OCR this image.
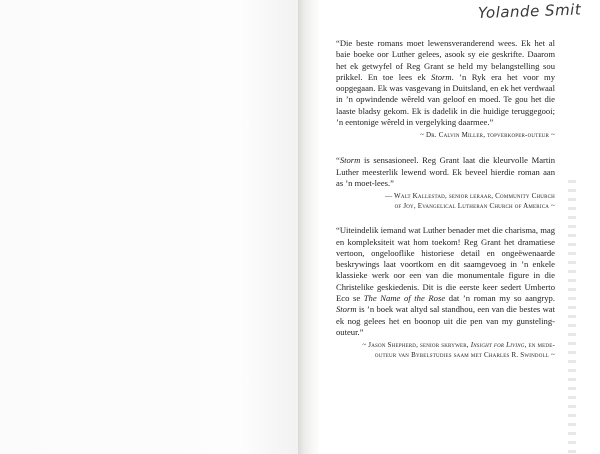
Yolande Smit

“Die beste romans moet lewensveranderend wees. Ek het al baie boeke oor Luther gelees, asook sy eie geskrifte. Daarom het ek getwyfel of Reg Grant se held my belangstelling sou prikkel. En toe lees ek Storm. ’n Ryk era het voor my oopgegaan. Ek was vasgevang in Duitsland, en ek het verdwaal in ’n opwindende wêreld van geloof en moed. Te gou het die laaste bladsy gekom. Ek is dadelik in die huidige teruggegooi; ’n eentonige wêreld in vergelyking daarmee.”

~ Dr. Calvin Miller, topverkoper-outeur ~

“Storm is sensasioneel. Reg Grant laat die kleurvolle Martin Luther meesterlik lewend word. Ek beveel hierdie roman aan as ’n moet-lees.”

— Walt Kallestad, senior leraar, Community Church
of Joy, Evangelical Lutheran Church of America ~

“Uiteindelik iemand wat Luther benader met die charisma, mag en kompleksiteit wat hom toekom! Reg Grant het dramatiese vertoon, ongelooflike historiese detail en ongeëwenaarde beskrywings laat voortkom en dit saamgevoeg in ’n enkele klassieke werk oor een van die monumentale figure in die Christelike geskiedenis. Dit is die eerste keer sedert Umberto Eco se The Name of the Rose dat ’n roman my so aangryp. Storm is ’n boek wat altyd sal standhou, een van die bestes wat ek nog gelees het en boonop uit die pen van my gunsteling-outeur.”

~ Jason Shepherd, senior skrywer, Insight for Living, en mede-
outeur van Bybelstudies saam met Charles R. Swindoll ~
